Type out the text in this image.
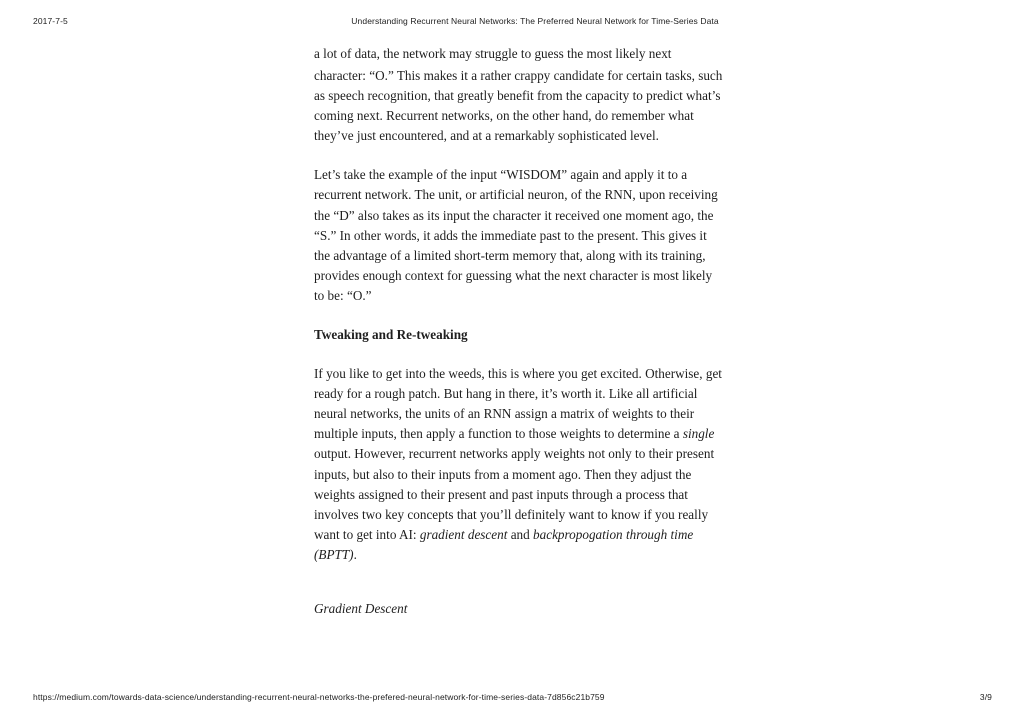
2017-7-5	Understanding Recurrent Neural Networks: The Preferred Neural Network for Time-Series Data
a lot of data, the network may struggle to guess the most likely next

character: “O.” This makes it a rather crappy candidate for certain tasks, such as speech recognition, that greatly benefit from the capacity to predict what’s coming next. Recurrent networks, on the other hand, do remember what they’ve just encountered, and at a remarkably sophisticated level.

Let’s take the example of the input “WISDOM” again and apply it to a recurrent network. The unit, or artificial neuron, of the RNN, upon receiving the “D” also takes as its input the character it received one moment ago, the “S.” In other words, it adds the immediate past to the present. This gives it the advantage of a limited short-term memory that, along with its training, provides enough context for guessing what the next character is most likely to be: “O.”

Tweaking and Re-tweaking

If you like to get into the weeds, this is where you get excited. Otherwise, get ready for a rough patch. But hang in there, it’s worth it. Like all artificial neural networks, the units of an RNN assign a matrix of weights to their multiple inputs, then apply a function to those weights to determine a single output. However, recurrent networks apply weights not only to their present inputs, but also to their inputs from a moment ago. Then they adjust the weights assigned to their present and past inputs through a process that involves two key concepts that you’ll definitely want to know if you really want to get into AI: gradient descent and backpropogation through time (BPTT).

Gradient Descent

https://medium.com/towards-data-science/understanding-recurrent-neural-networks-the-prefered-neural-network-for-time-series-data-7d856c21b759	3/9
